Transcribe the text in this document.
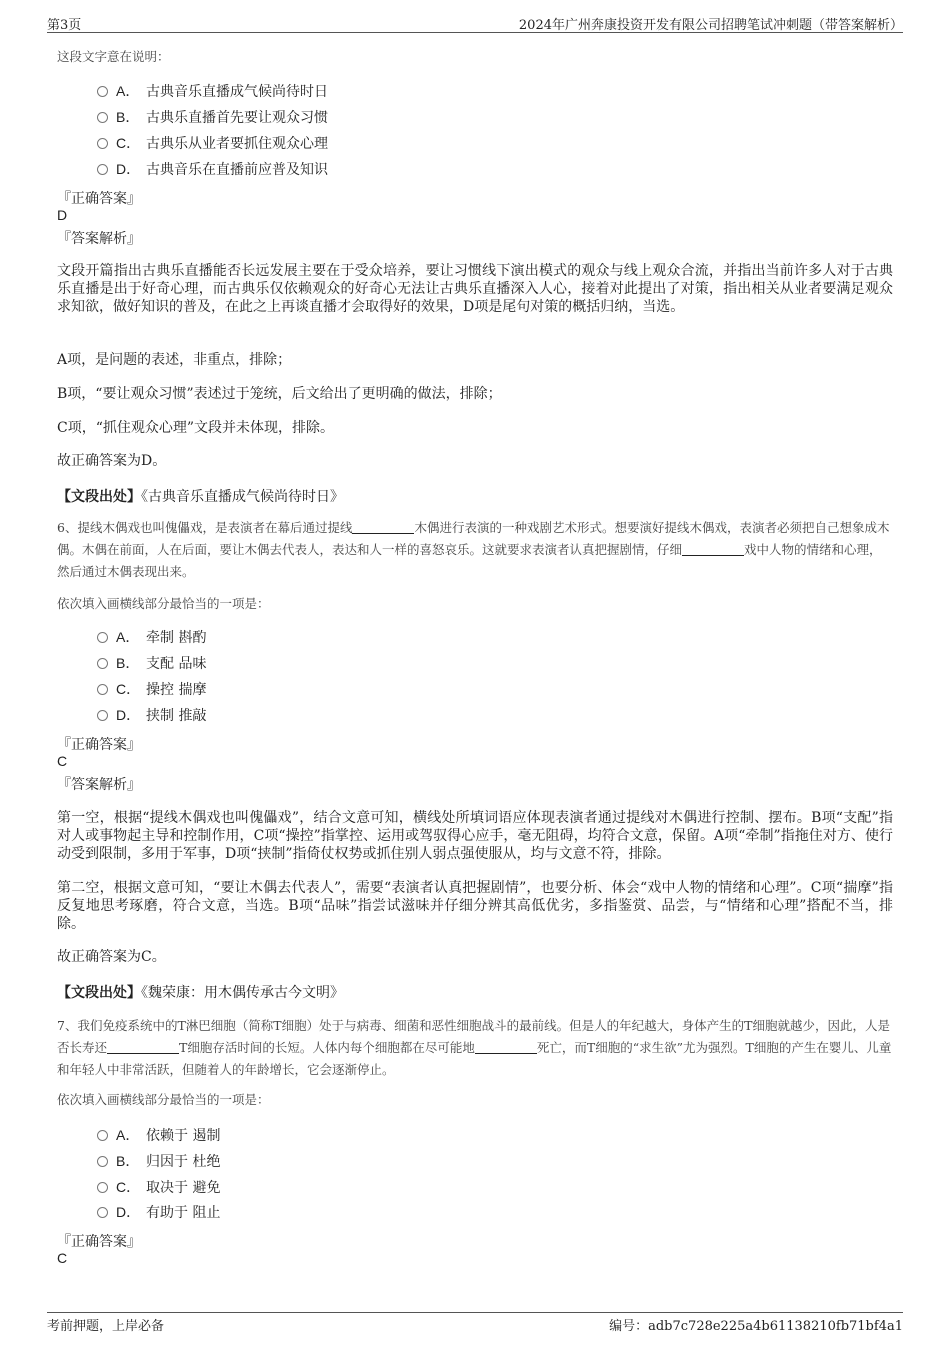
第3页	2024年广州奔康投资开发有限公司招聘笔试冲刺题（带答案解析）
这段文字意在说明：
A． 古典音乐直播成气候尚待时日
B． 古典乐直播首先要让观众习惯
C． 古典乐从业者要抓住观众心理
D． 古典音乐在直播前应普及知识
『正确答案』
D
『答案解析』
文段开篇指出古典乐直播能否长远发展主要在于受众培养，要让习惯线下演出模式的观众与线上观众合流，并指出当前许多人对于古典乐直播是出于好奇心理，而古典乐仅依赖观众的好奇心无法让古典乐直播深入人心，接着对此提出了对策，指出相关从业者要满足观众求知欲，做好知识的普及，在此之上再谈直播才会取得好的效果，D项是尾句对策的概括归纳，当选。
A项，是问题的表述，非重点，排除；
B项，“要让观众习惯”表述过于笼统，后文给出了更明确的做法，排除；
C项，“抓住观众心理”文段并未体现，排除。
故正确答案为D。
【文段出处】《古典音乐直播成气候尚待时日》
6、提线木偶戏也叫傀儡戏，是表演者在幕后通过提线	木偶进行表演的一种戏剧艺术形式。想要演好提线木偶戏，表演者必须把自己想象成木偶。木偶在前面，人在后面，要让木偶去代表人，表达和人一样的喜怒哀乐。这就要求表演者认真把握剧情，仔细	戏中人物的情绪和心理，然后通过木偶表现出来。
依次填入画横线部分最恰当的一项是：
A． 牵制 斟酌
B． 支配 品味
C． 操控 揣摩
D． 挟制 推敲
『正确答案』
C
『答案解析』
第一空，根据“提线木偶戏也叫傀儡戏”，结合文意可知，横线处所填词语应体现表演者通过提线对木偶进行控制、摆布。B项“支配”指对人或事物起主导和控制作用，C项“操控”指掌控、运用或驾驭得心应手，毫无阻碍，均符合文意，保留。A项“牵制”指拖住对方、使行动受到限制，多用于军事，D项“挟制”指倚仗权势或抓住别人弱点强使服从，均与文意不符，排除。
第二空，根据文意可知，“要让木偶去代表人”，需要“表演者认真把握剧情”，也要分析、体会“戏中人物的情绪和心理”。C项“揣摩”指反复地思考琢磨，符合文意，当选。B项“品味”指尝试滋味并仔细分辨其高低优劣，多指鉴赏、品尝，与“情绪和心理”搭配不当，排除。
故正确答案为C。
【文段出处】《魏荣康：用木偶传承古今文明》
7、我们免疫系统中的T淋巴细胞（简称T细胞）处于与病毒、细菌和恶性细胞战斗的最前线。但是人的年纪越大，身体产生的T细胞就越少，因此，人是否长寿还	T细胞存活时间的长短。人体内每个细胞都在尽可能地	死亡，而T细胞的“求生欲”尤为强烈。T细胞的产生在婴儿、儿童和年轻人中非常活跃，但随着人的年龄增长，它会逐渐停止。
依次填入画横线部分最恰当的一项是：
A． 依赖于 遏制
B． 归因于 杜绝
C． 取决于 避免
D． 有助于 阻止
『正确答案』
C
考前押题，上岸必备	编号：adb7c728e225a4b61138210fb71bf4a1
